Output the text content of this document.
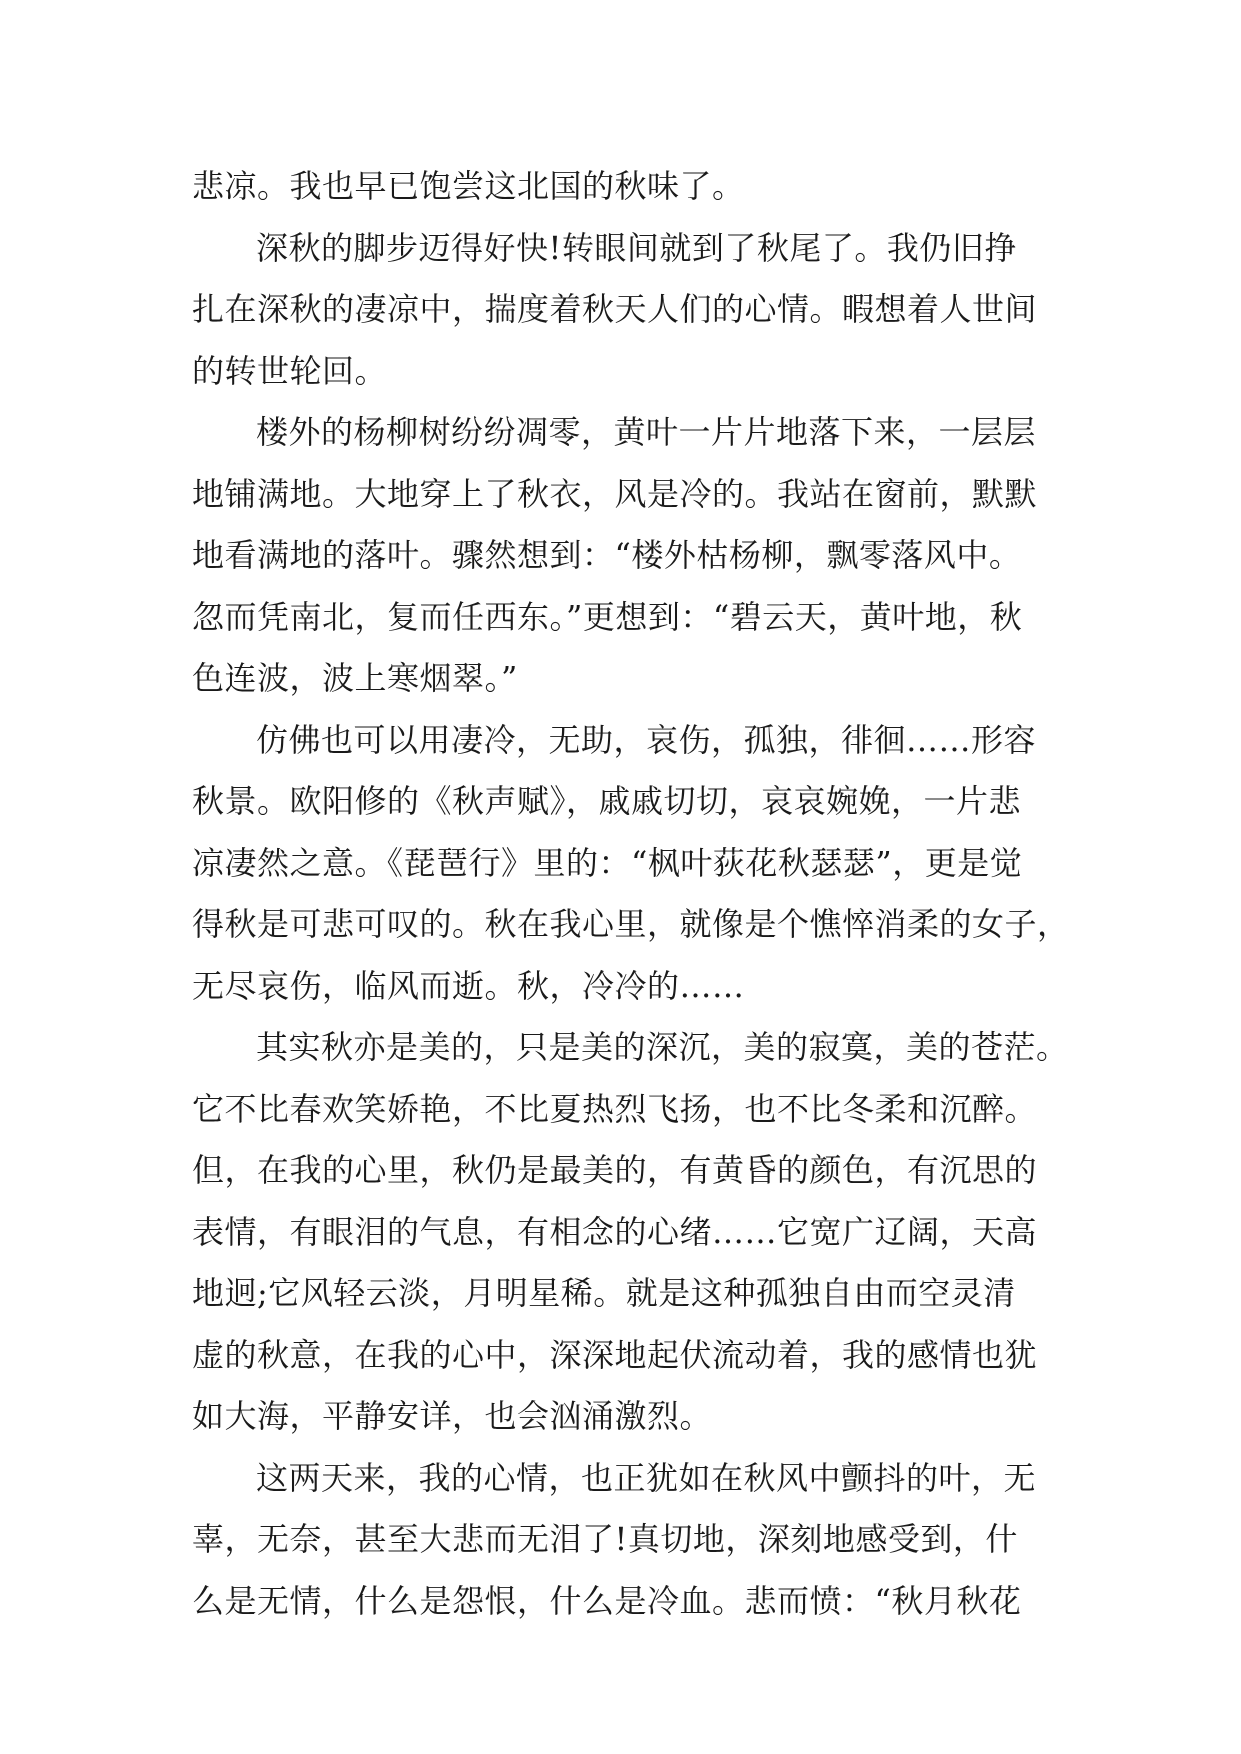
悲凉。我也早已饱尝这北国的秋味了。
深秋的脚步迈得好快!转眼间就到了秋尾了。我仍旧挣
扎在深秋的凄凉中，揣度着秋天人们的心情。暇想着人世间
的转世轮回。
楼外的杨柳树纷纷凋零，黄叶一片片地落下来，一层层
地铺满地。大地穿上了秋衣，风是冷的。我站在窗前，默默
地看满地的落叶。骤然想到：“楼外枯杨柳，飘零落风中。
忽而凭南北，复而任西东。”更想到：“碧云天，黄叶地，秋
色连波，波上寒烟翠。”
仿佛也可以用凄冷，无助，哀伤，孤独，徘徊……形容
秋景。欧阳修的《秋声赋》，戚戚切切，哀哀婉娩，一片悲
凉凄然之意。《琵琶行》里的：“枫叶荻花秋瑟瑟”，更是觉
得秋是可悲可叹的。秋在我心里，就像是个憔悴消柔的女子，
无尽哀伤，临风而逝。秋，冷冷的……
其实秋亦是美的，只是美的深沉，美的寂寞，美的苍茫。
它不比春欢笑娇艳，不比夏热烈飞扬，也不比冬柔和沉醉。
但，在我的心里，秋仍是最美的，有黄昏的颜色，有沉思的
表情，有眼泪的气息，有相念的心绪……它宽广辽阔，天高
地迥;它风轻云淡，月明星稀。就是这种孤独自由而空灵清
虚的秋意，在我的心中，深深地起伏流动着，我的感情也犹
如大海，平静安详，也会汹涌激烈。
这两天来，我的心情，也正犹如在秋风中颤抖的叶，无
辜，无奈，甚至大悲而无泪了!真切地，深刻地感受到，什
么是无情，什么是怨恨，什么是冷血。悲而愤：“秋月秋花
